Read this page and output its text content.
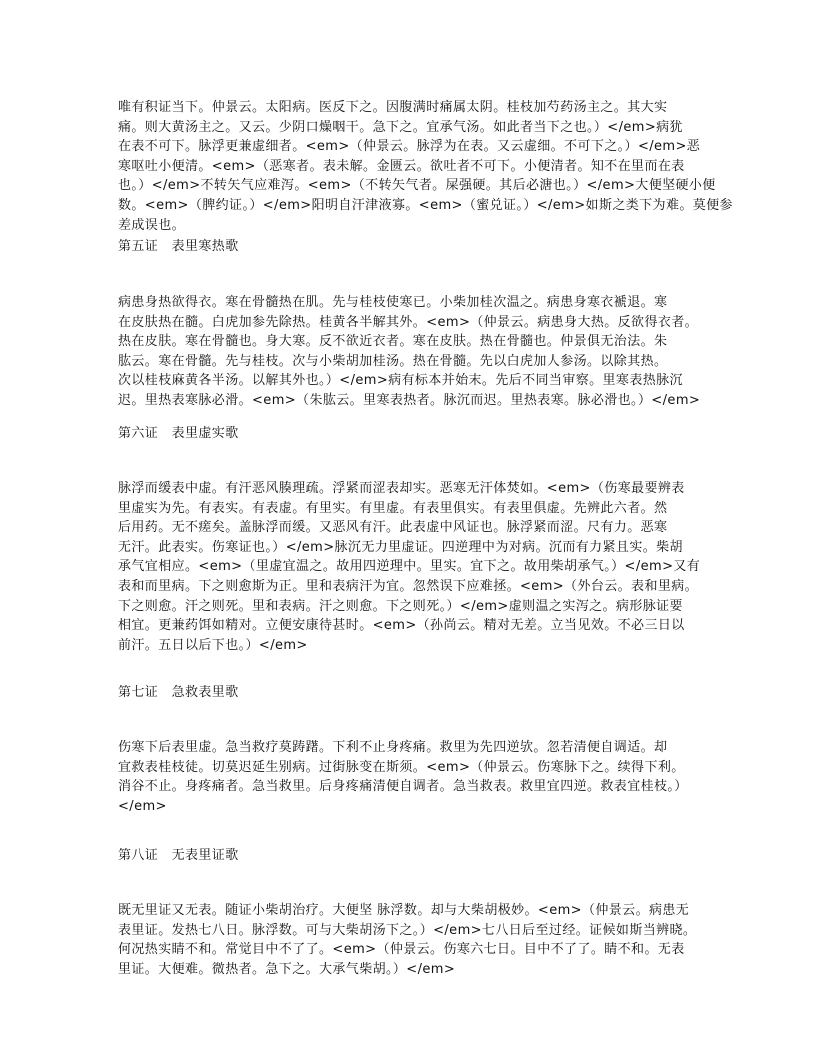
唯有积证当下。仲景云。太阳病。医反下之。因腹满时痛属太阴。桂枝加芍药汤主之。其大实
痛。则大黄汤主之。又云。少阴口燥咽干。急下之。宜承气汤。如此者当下之也。）</em>病犹
在表不可下。脉浮更兼虚细者。<em>（仲景云。脉浮为在表。又云虚细。不可下之。）</em>恶
寒呕吐小便清。<em>（恶寒者。表未解。金匮云。欲吐者不可下。小便清者。知不在里而在表
也。）</em>不转矢气应难泻。<em>（不转矢气者。屎强硬。其后必溏也。）</em>大便坚硬小便
数。<em>（脾约证。）</em>阳明自汗津液寡。<em>（蜜兑证。）</em>如斯之类下为难。莫便参
差成误也。
第五证　表里寒热歌
病患身热欲得衣。寒在骨髓热在肌。先与桂枝使寒已。小柴加桂次温之。病患身寒衣褫退。寒
在皮肤热在髓。白虎加参先除热。桂黄各半解其外。<em>（仲景云。病患身大热。反欲得衣者。
热在皮肤。寒在骨髓也。身大寒。反不欲近衣者。寒在皮肤。热在骨髓也。仲景俱无治法。朱
肱云。寒在骨髓。先与桂枝。次与小柴胡加桂汤。热在骨髓。先以白虎加人参汤。以除其热。
次以桂枝麻黄各半汤。以解其外也。）</em>病有标本并始末。先后不同当审察。里寒表热脉沉
迟。里热表寒脉必滑。<em>（朱肱云。里寒表热者。脉沉而迟。里热表寒。脉必滑也。）</em>
第六证　表里虚实歌
脉浮而缓表中虚。有汗恶风腠理疏。浮紧而涩表却实。恶寒无汗体焚如。<em>（伤寒最要辨表
里虚实为先。有表实。有表虚。有里实。有里虚。有表里俱实。有表里俱虚。先辨此六者。然
后用药。无不瘥矣。盖脉浮而缓。又恶风有汗。此表虚中风证也。脉浮紧而涩。尺有力。恶寒
无汗。此表实。伤寒证也。）</em>脉沉无力里虚证。四逆理中为对病。沉而有力紧且实。柴胡
承气宜相应。<em>（里虚宜温之。故用四逆理中。里实。宜下之。故用柴胡承气。）</em>又有
表和而里病。下之则愈斯为正。里和表病汗为宜。忽然误下应难拯。<em>（外台云。表和里病。
下之则愈。汗之则死。里和表病。汗之则愈。下之则死。）</em>虚则温之实泻之。病形脉证要
相宜。更兼药饵如精对。立便安康待甚时。<em>（孙尚云。精对无差。立当见效。不必三日以
前汗。五日以后下也。）</em>
第七证　急救表里歌
伤寒下后表里虚。急当救疗莫踌躇。下利不止身疼痛。救里为先四逆欤。忽若清便自调适。却
宜救表桂枝徒。切莫迟延生别病。过街脉变在斯须。<em>（仲景云。伤寒脉下之。续得下利。
消谷不止。身疼痛者。急当救里。后身疼痛清便自调者。急当救表。救里宜四逆。救表宜桂枝。）
</em>
第八证　无表里证歌
既无里证又无表。随证小柴胡治疗。大便坚 脉浮数。却与大柴胡极妙。<em>（仲景云。病患无
表里证。发热七八日。脉浮数。可与大柴胡汤下之。）</em>七八日后至过经。证候如斯当辨晓。
何况热实睛不和。常觉目中不了了。<em>（仲景云。伤寒六七日。目中不了了。睛不和。无表
里证。大便难。微热者。急下之。大承气柴胡。）</em>
